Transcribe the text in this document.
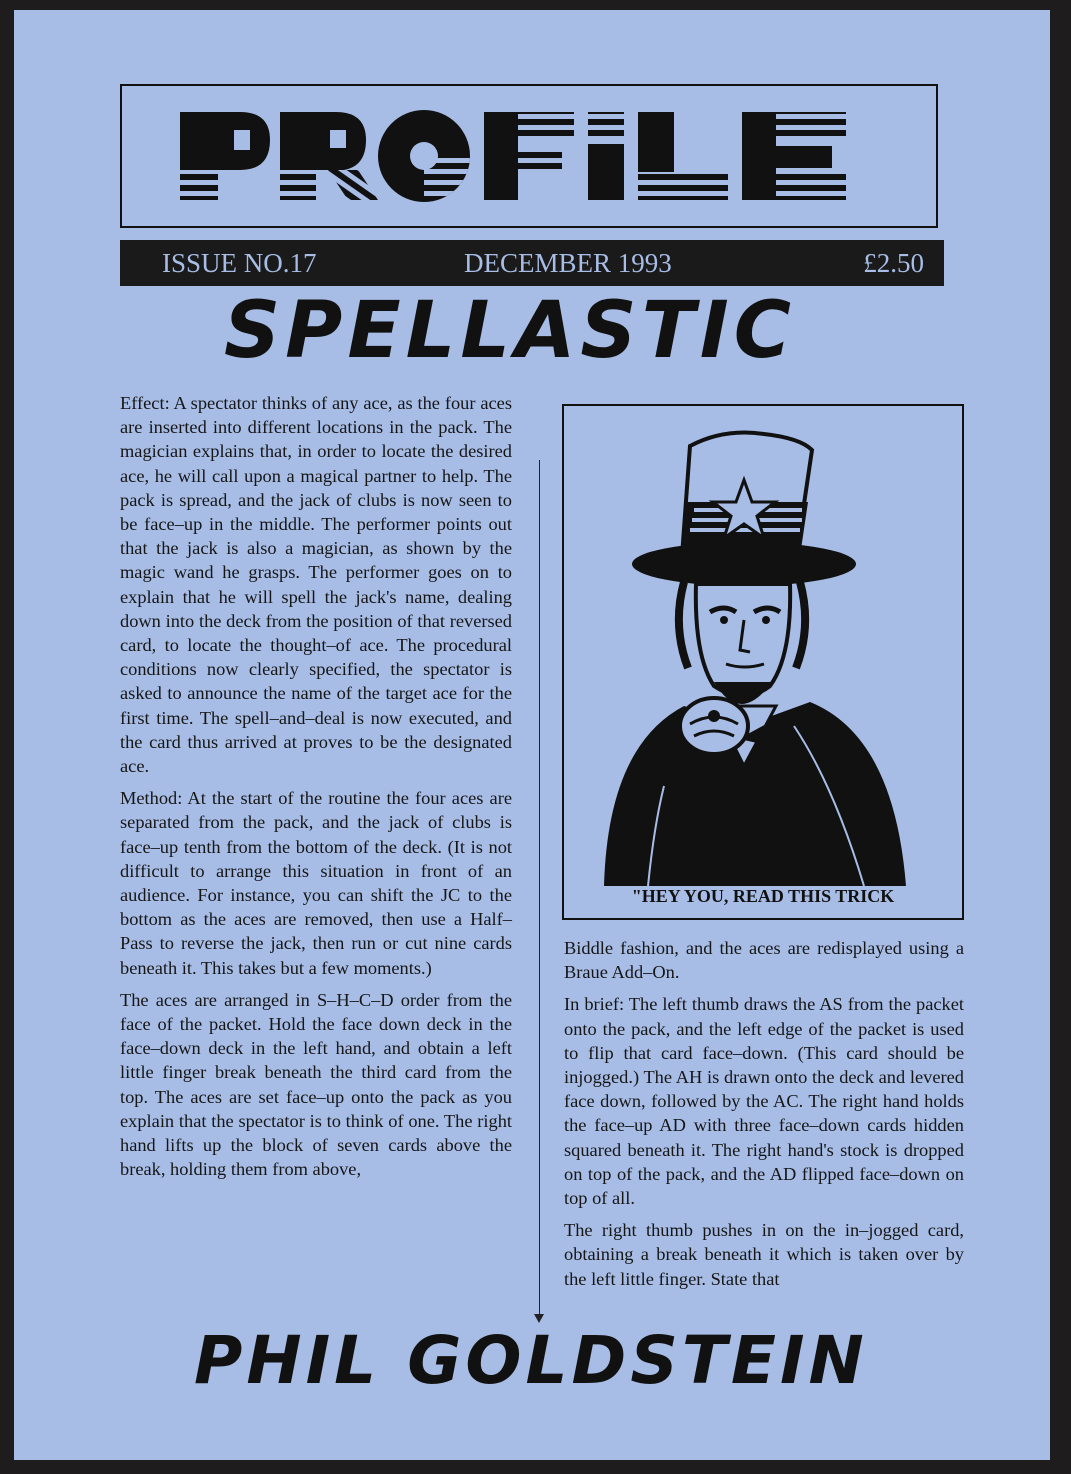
ISSUE NO.17	DECEMBER 1993	£2.50
SPELLASTIC

Effect: A spectator thinks of any ace, as the four aces are inserted into different locations in the pack. The magician explains that, in order to locate the desired ace, he will call upon a magical partner to help. The pack is spread, and the jack of clubs is now seen to be face–up in the middle. The performer points out that the jack is also a magician, as shown by the magic wand he grasps. The performer goes on to explain that he will spell the jack's name, dealing down into the deck from the position of that reversed card, to locate the thought–of ace. The procedural conditions now clearly specified, the spectator is asked to announce the name of the target ace for the first time. The spell–and–deal is now executed, and the card thus arrived at proves to be the designated ace.

Method: At the start of the routine the four aces are separated from the pack, and the jack of clubs is face–up tenth from the bottom of the deck. (It is not difficult to arrange this situation in front of an audience. For instance, you can shift the JC to the bottom as the aces are removed, then use a Half–Pass to reverse the jack, then run or cut nine cards beneath it. This takes but a few moments.)

The aces are arranged in S–H–C–D order from the face of the packet. Hold the face down deck in the face–down deck in the left hand, and obtain a left little finger break beneath the third card from the top. The aces are set face–up onto the pack as you explain that the spectator is to think of one. The right hand lifts up the block of seven cards above the break, holding them from above,

"HEY YOU, READ THIS TRICK

Biddle fashion, and the aces are redisplayed using a Braue Add–On.

In brief: The left thumb draws the AS from the packet onto the pack, and the left edge of the packet is used to flip that card face–down. (This card should be injogged.) The AH is drawn onto the deck and levered face down, followed by the AC. The right hand holds the face–up AD with three face–down cards hidden squared beneath it. The right hand's stock is dropped on top of the pack, and the AD flipped face–down on top of all.

The right thumb pushes in on the in–jogged card, obtaining a break beneath it which is taken over by the left little finger. State that

PHIL GOLDSTEIN
